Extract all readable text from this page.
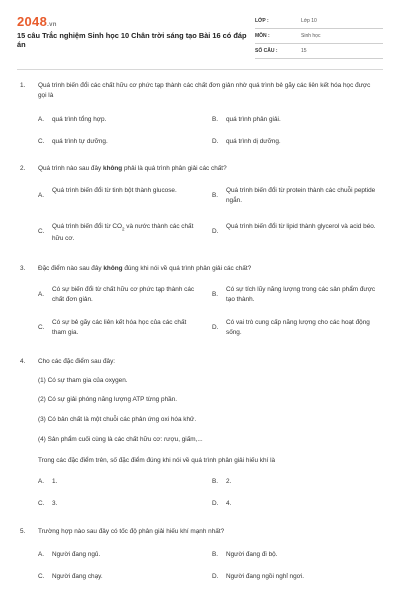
2048.vn
15 câu Trắc nghiệm Sinh học 10 Chân trời sáng tạo Bài 16 có đáp án
LỚP :	Lớp 10
MÔN :	Sinh học
SỐ CÂU :	15
1. Quá trình biến đổi các chất hữu cơ phức tạp thành các chất đơn giản nhờ quá trình bẻ gãy các liên kết hóa học được gọi là
A. quá trình tổng hợp.	B. quá trình phân giải.
C. quá trình tự dưỡng.	D. quá trình dị dưỡng.
2. Quá trình nào sau đây không phải là quá trình phân giải các chất?
A.
Quá trình biến đổi từ tinh bột thành glucose.
B.
Quá trình biến đổi từ protein thành các chuỗi peptide ngắn.
C.
Quá trình biến đổi từ $CO_2$ và nước thành các chất hữu cơ.
D.
Quá trình biến đổi từ lipid thành glycerol và acid béo.
3. Đặc điểm nào sau đây không đúng khi nói về quá trình phân giải các chất?
A.
Có sự biến đổi từ chất hữu cơ phức tạp thành các chất đơn giản.
B.
Có sự tích lũy năng lượng trong các sản phẩm được tạo thành.
C.
Có sự bẻ gãy các liên kết hóa học của các chất tham gia.
D.
Có vai trò cung cấp năng lượng cho các hoạt động sống.
4. Cho các đặc điểm sau đây:
(1) Có sự tham gia của oxygen.
(2) Có sự giải phóng năng lượng ATP từng phần.
(3) Có bản chất là một chuỗi các phản ứng oxi hóa khử.
(4) Sản phẩm cuối cùng là các chất hữu cơ: rượu, giấm,...
Trong các đặc điểm trên, số đặc điểm đúng khi nói về quá trình phân giải hiếu khí là
A. 1.	B. 2.
C. 3.	D. 4.
5. Trường hợp nào sau đây có tốc độ phân giải hiếu khí mạnh nhất?
A. Người đang ngủ.	B. Người đang đi bộ.
C. Người đang chạy.	D. Người đang ngồi nghỉ ngơi.
